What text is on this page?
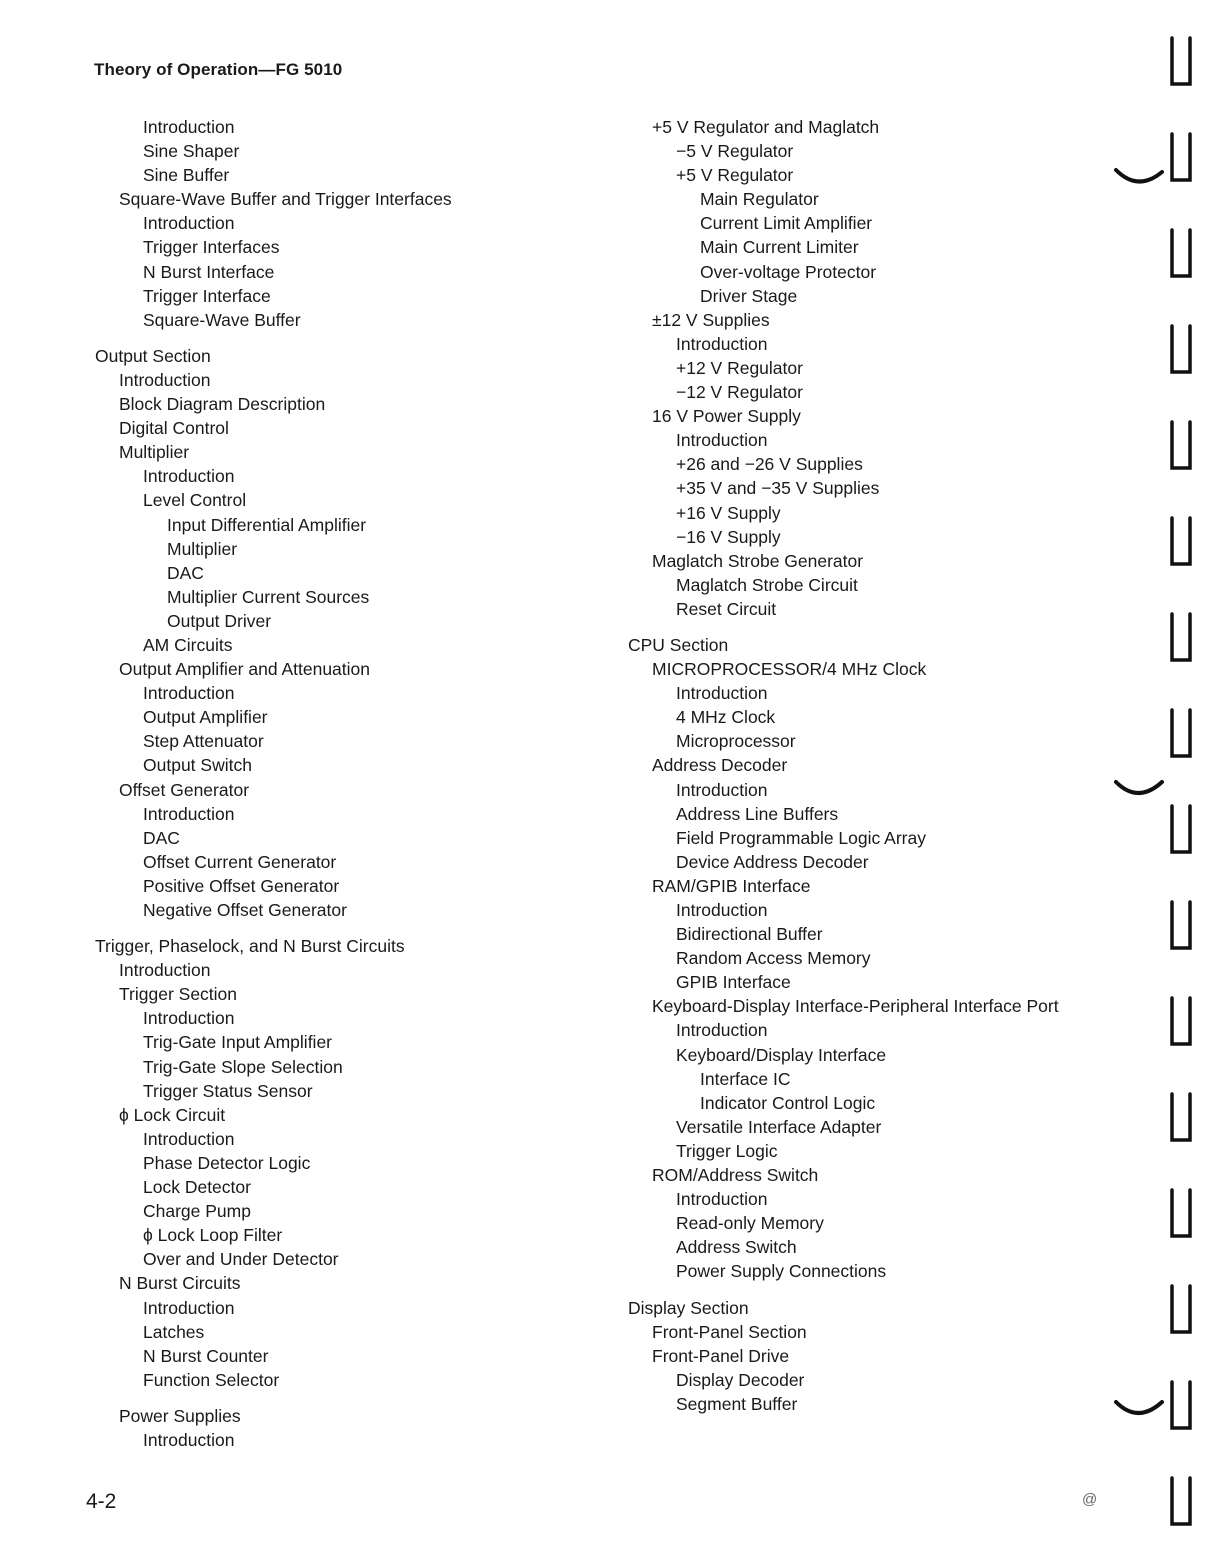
Theory of Operation—FG 5010
Introduction
Sine Shaper
Sine Buffer
Square-Wave Buffer and Trigger Interfaces
Introduction
Trigger Interfaces
N Burst Interface
Trigger Interface
Square-Wave Buffer
Output Section
Introduction
Block Diagram Description
Digital Control
Multiplier
Introduction
Level Control
Input Differential Amplifier
Multiplier
DAC
Multiplier Current Sources
Output Driver
AM Circuits
Output Amplifier and Attenuation
Introduction
Output Amplifier
Step Attenuator
Output Switch
Offset Generator
Introduction
DAC
Offset Current Generator
Positive Offset Generator
Negative Offset Generator
Trigger, Phaselock, and N Burst Circuits
Introduction
Trigger Section
Introduction
Trig-Gate Input Amplifier
Trig-Gate Slope Selection
Trigger Status Sensor
ϕ Lock Circuit
Introduction
Phase Detector Logic
Lock Detector
Charge Pump
ϕ Lock Loop Filter
Over and Under Detector
N Burst Circuits
Introduction
Latches
N Burst Counter
Function Selector
Power Supplies
Introduction
+5 V Regulator and Maglatch
−5 V Regulator
+5 V Regulator
Main Regulator
Current Limit Amplifier
Main Current Limiter
Over-voltage Protector
Driver Stage
±12 V Supplies
Introduction
+12 V Regulator
−12 V Regulator
16 V Power Supply
Introduction
+26 and −26 V Supplies
+35 V and −35 V Supplies
+16 V Supply
−16 V Supply
Maglatch Strobe Generator
Maglatch Strobe Circuit
Reset Circuit
CPU Section
MICROPROCESSOR/4 MHz Clock
Introduction
4 MHz Clock
Microprocessor
Address Decoder
Introduction
Address Line Buffers
Field Programmable Logic Array
Device Address Decoder
RAM/GPIB Interface
Introduction
Bidirectional Buffer
Random Access Memory
GPIB Interface
Keyboard-Display Interface-Peripheral Interface Port
Introduction
Keyboard/Display Interface
Interface IC
Indicator Control Logic
Versatile Interface Adapter
Trigger Logic
ROM/Address Switch
Introduction
Read-only Memory
Address Switch
Power Supply Connections
Display Section
Front-Panel Section
Front-Panel Drive
Display Decoder
Segment Buffer
4-2	@
